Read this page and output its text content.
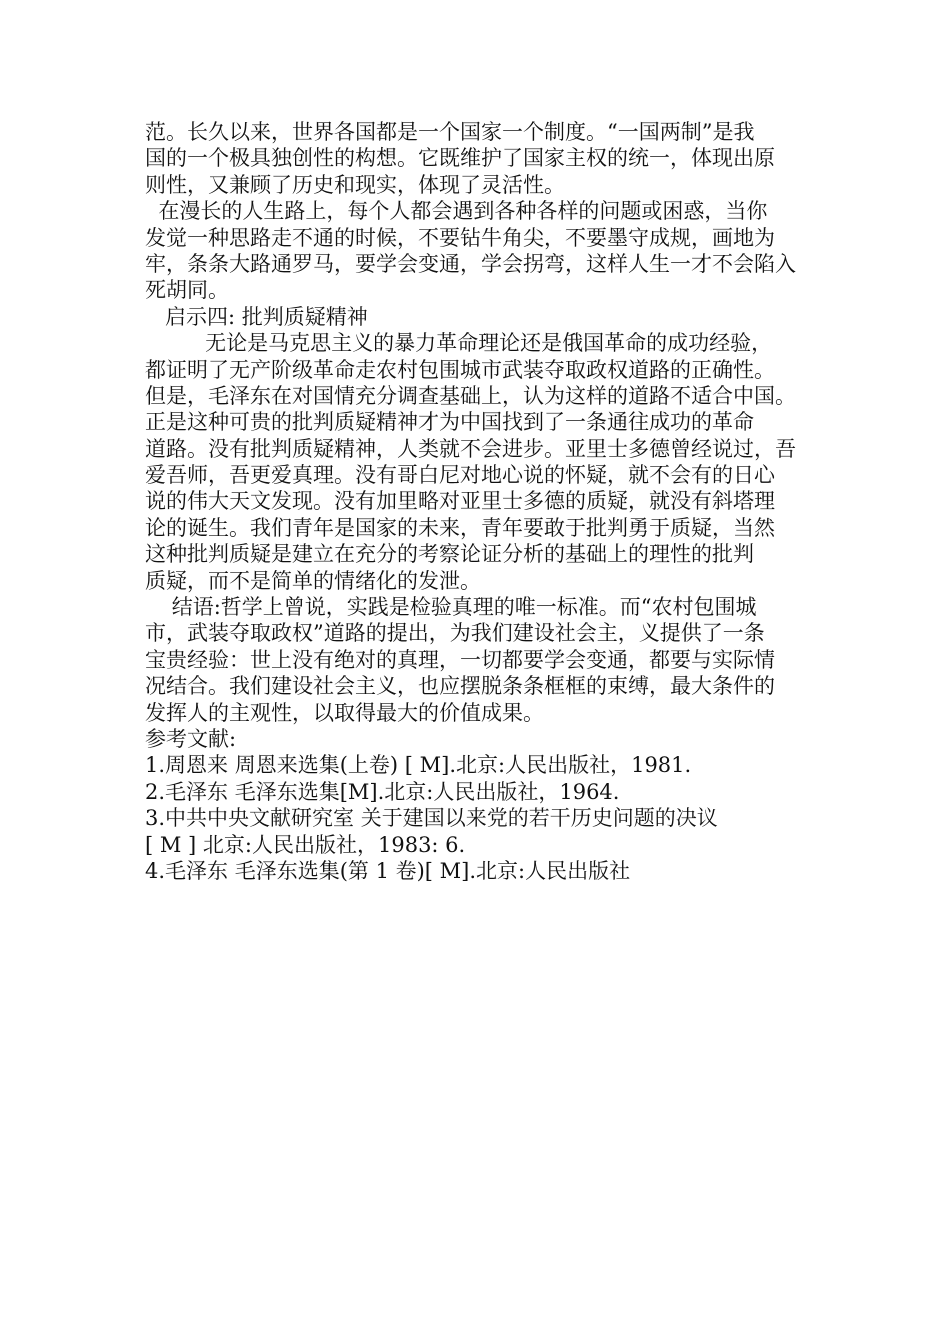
范。长久以来，世界各国都是一个国家一个制度。“一国两制”是我
国的一个极具独创性的构想。它既维护了国家主权的统一，体现出原
则性，又兼顾了历史和现实，体现了灵活性。
在漫长的人生路上，每个人都会遇到各种各样的问题或困惑，当你
发觉一种思路走不通的时候，不要钻牛角尖，不要墨守成规，画地为
牢，条条大路通罗马，要学会变通，学会拐弯，这样人生一才不会陷入
死胡同。
启示四: 批判质疑精神
无论是马克思主义的暴力革命理论还是俄国革命的成功经验，
都证明了无产阶级革命走农村包围城市武装夺取政权道路的正确性。
但是，毛泽东在对国情充分调查基础上，认为这样的道路不适合中国。
正是这种可贵的批判质疑精神才为中国找到了一条通往成功的革命
道路。没有批判质疑精神，人类就不会进步。亚里士多德曾经说过，吾
爱吾师，吾更爱真理。没有哥白尼对地心说的怀疑，就不会有的日心
说的伟大天文发现。没有加里略对亚里士多德的质疑，就没有斜塔理
论的诞生。我们青年是国家的未来，青年要敢于批判勇于质疑，当然
这种批判质疑是建立在充分的考察论证分析的基础上的理性的批判
质疑，而不是简单的情绪化的发泄。
结语:哲学上曾说，实践是检验真理的唯一标准。而“农村包围城
市，武装夺取政权”道路的提出，为我们建设社会主，义提供了一条
宝贵经验：世上没有绝对的真理，一切都要学会变通，都要与实际情
况结合。我们建设社会主义，也应摆脱条条框框的束缚，最大条件的
发挥人的主观性，以取得最大的价值成果。
参考文献:
1.周恩来 周恩来选集(上卷) [ M].北京:人民出版社，1981.
2.毛泽东 毛泽东选集[M].北京:人民出版社，1964.
3.中共中央文献研究室 关于建国以来党的若干历史问题的决议
[ M ] 北京:人民出版社，1983: 6.
4.毛泽东 毛泽东选集(第 1 卷)[ M].北京:人民出版社
